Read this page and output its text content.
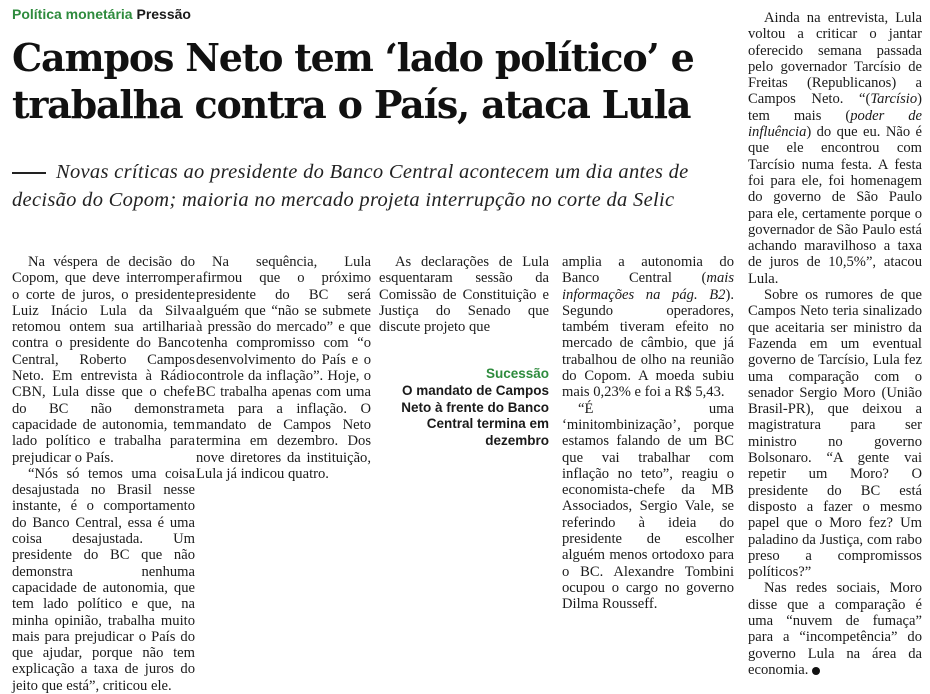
Política monetária Pressão
Campos Neto tem ‘lado político’ e trabalha contra o País, ataca Lula
Novas críticas ao presidente do Banco Central acontecem um dia antes de decisão do Copom; maioria no mercado projeta interrupção no corte da Selic

Na véspera de decisão do Copom, que deve interromper o corte de juros, o presidente Luiz Inácio Lula da Silva retomou ontem sua artilharia contra o presidente do Banco Central, Roberto Campos Neto. Em entrevista à Rádio CBN, Lula disse que o chefe do BC não demonstra capacidade de autonomia, tem lado político e trabalha para prejudicar o País.

“Nós só temos uma coisa desajustada no Brasil nesse instante, é o comportamento do Banco Central, essa é uma coisa desajustada. Um presidente do BC que não demonstra nenhuma capacidade de autonomia, que tem lado político e que, na minha opinião, trabalha muito mais para prejudicar o País do que ajudar, porque não tem explicação a taxa de juros do jeito que está”, criticou ele.

Na sequência, Lula afirmou que o próximo presidente do BC será alguém que “não se submete à pressão do mercado” e que tenha compromisso com “o desenvolvimento do País e o controle da inflação”. Hoje, o BC trabalha apenas com uma meta para a inflação. O mandato de Campos Neto termina em dezembro. Dos nove diretores da instituição, Lula já indicou quatro.

As declarações de Lula esquentaram sessão da Comissão de Constituição e Justiça do Senado que discute projeto que

Sucessão
O mandato de Campos Neto à frente do Banco Central termina em dezembro

amplia a autonomia do Banco Central (mais informações na pág. B2). Segundo operadores, também tiveram efeito no mercado de câmbio, que já trabalhou de olho na reunião do Copom. A moeda subiu mais 0,23% e foi a R$ 5,43.

“É uma ‘minitombinização’, porque estamos falando de um BC que vai trabalhar com inflação no teto”, reagiu o economista-chefe da MB Associados, Sergio Vale, se referindo à ideia do presidente de escolher alguém menos ortodoxo para o BC. Alexandre Tombini ocupou o cargo no governo Dilma Rousseff.

Ainda na entrevista, Lula voltou a criticar o jantar oferecido semana passada pelo governador Tarcísio de Freitas (Republicanos) a Campos Neto. “(Tarcísio) tem mais (poder de influência) do que eu. Não é que ele encontrou com Tarcísio numa festa. A festa foi para ele, foi homenagem do governo de São Paulo para ele, certamente porque o governador de São Paulo está achando maravilhoso a taxa de juros de 10,5%”, atacou Lula.

Sobre os rumores de que Campos Neto teria sinalizado que aceitaria ser ministro da Fazenda em um eventual governo de Tarcísio, Lula fez uma comparação com o senador Sergio Moro (União Brasil-PR), que deixou a magistratura para ser ministro no governo Bolsonaro. “A gente vai repetir um Moro? O presidente do BC está disposto a fazer o mesmo papel que o Moro fez? Um paladino da Justiça, com rabo preso a compromissos políticos?”

Nas redes sociais, Moro disse que a comparação é uma “nuvem de fumaça” para a “incompetência” do governo Lula na área da economia.
